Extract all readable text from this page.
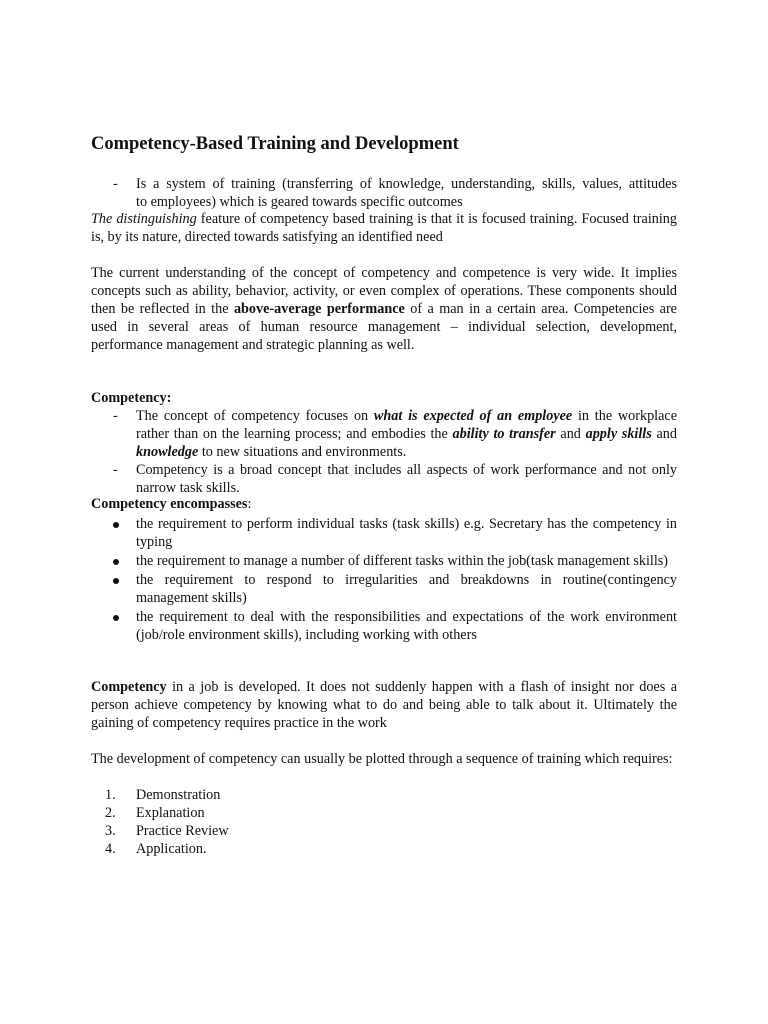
Competency-Based Training and Development
- Is a system of training (transferring of knowledge, understanding, skills, values, attitudes
to employees) which is geared towards specific outcomes
The distinguishing feature of competency based training is that it is focused training. Focused training is, by its nature, directed towards satisfying an identified need
The current understanding of the concept of competency and competence is very wide. It implies concepts such as ability, behavior, activity, or even complex of operations. These components should then be reflected in the above-average performance of a man in a certain area. Competencies are used in several areas of human resource management – individual selection, development, performance management and strategic planning as well.
Competency:
- The concept of competency focuses on what is expected of an employee in the workplace rather than on the learning process; and embodies the ability to transfer and apply skills and knowledge to new situations and environments.
- Competency is a broad concept that includes all aspects of work performance and not only narrow task skills.
Competency encompasses:
the requirement to perform individual tasks (task skills) e.g. Secretary has the competency in typing
the requirement to manage a number of different tasks within the job(task management skills)
the requirement to respond to irregularities and breakdowns in routine(contingency management skills)
the requirement to deal with the responsibilities and expectations of the work environment (job/role environment skills), including working with others
Competency in a job is developed. It does not suddenly happen with a flash of insight nor does a person achieve competency by knowing what to do and being able to talk about it. Ultimately the gaining of competency requires practice in the work
The development of competency can usually be plotted through a sequence of training which requires:
1.	Demonstration
2.	Explanation
3.	Practice Review
4.	Application.
